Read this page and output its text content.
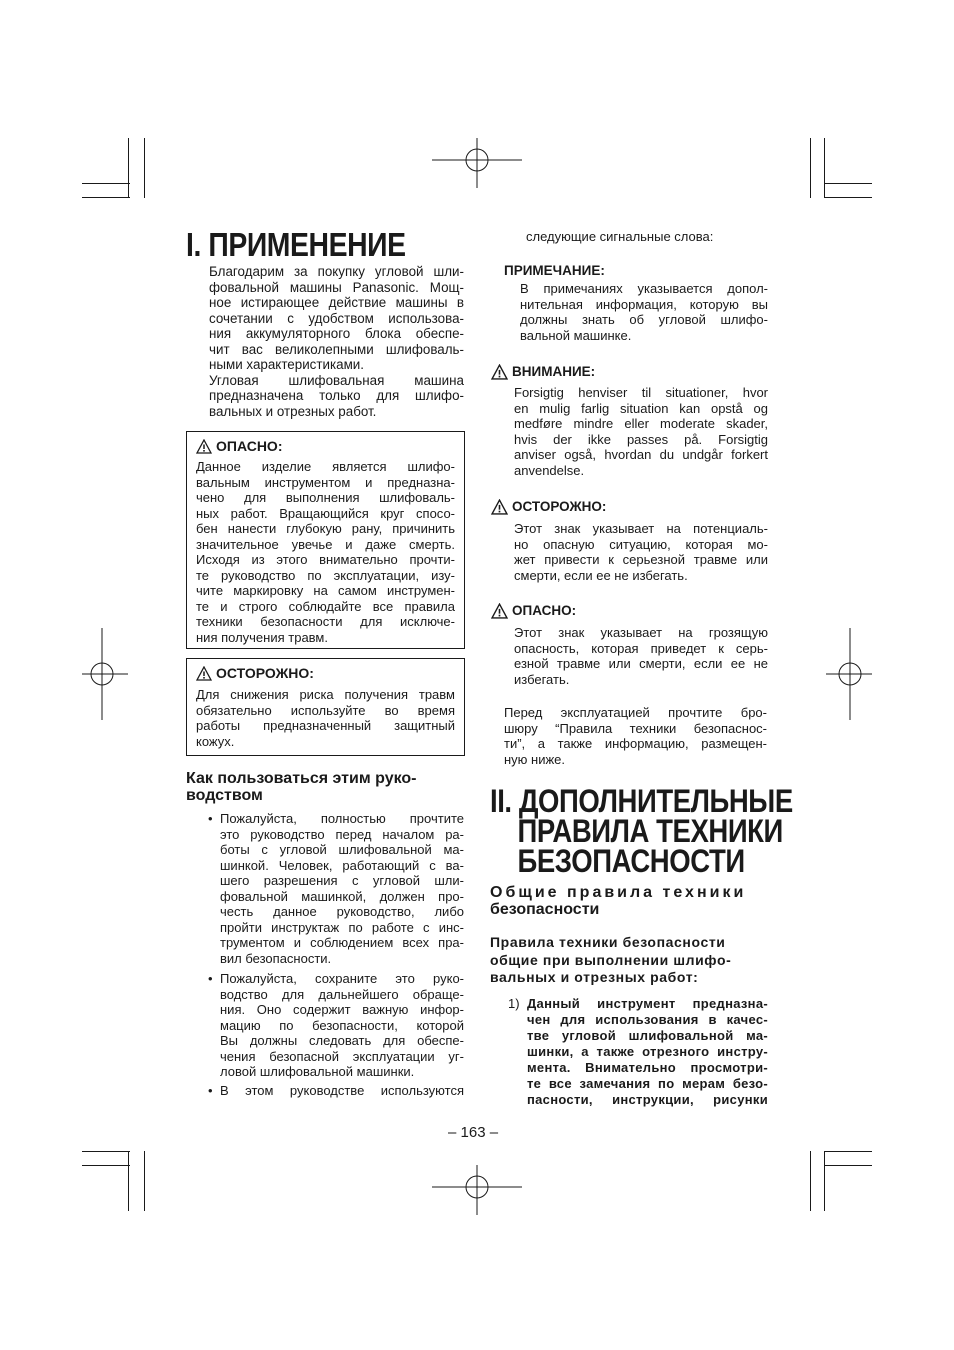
I. ПРИМЕНЕНИЕ
Благодарим за покупку угловой шли-
фовальной машины Panasonic. Мощ-
ное истирающее действие машины в
сочетании с удобством использова-
ния аккумуляторного блока обеспе-
чит вас великолепными шлифоваль-
ными характеристиками.
Угловая шлифовальная машина
предназначена только для шлифо-
вальных и отрезных работ.
ОПАСНО:
Данное изделие является шлифо-
вальным инструментом и предназна-
чено для выполнения шлифоваль-
ных работ. Вращающийся круг спосо-
бен нанести глубокую рану, причинить
значительное увечье и даже смерть.
Исходя из этого внимательно прочти-
те руководство по эксплуатации, изу-
чите маркировку на самом инструмен-
те и строго соблюдайте все правила
техники безопасности для исключе-
ния получения травм.
ОСТОРОЖНО:
Для снижения риска получения травм
обязательно используйте во время
работы предназначенный защитный
кожух.
Как пользоваться этим руко-
водством
• Пожалуйста, полностью прочтите
это руководство перед началом ра-
боты с угловой шлифовальной ма-
шинкой. Человек, работающий с ва-
шего разрешения с угловой шли-
фовальной машинкой, должен про-
честь данное руководство, либо
пройти инструктаж по работе с инс-
трументом и соблюдением всех пра-
вил безопасности.
• Пожалуйста, сохраните это руко-
водство для дальнейшего обраще-
ния. Оно содержит важную инфор-
мацию по безопасности, которой
Вы должны следовать для обеспе-
чения безопасной эксплуатации уг-
ловой шлифовальной машинки.
• В этом руководстве используются
следующие сигнальные слова:
ПРИМЕЧАНИЕ:
В примечаниях указывается допол-
нительная информация, которую вы
должны знать об угловой шлифо-
вальной машинке.
ВНИМАНИЕ:
Forsigtig henviser til situationer, hvor
en mulig farlig situation kan opstå og
medføre mindre eller moderate skader,
hvis der ikke passes på. Forsigtig
anviser også, hvordan du undgår forkert
anvendelse.
ОСТОРОЖНО:
Этот знак указывает на потенциаль-
но опасную ситуацию, которая мо-
жет привести к серьезной травме или
смерти, если ее не избегать.
ОПАСНО:
Этот знак указывает на грозящую
опасность, которая приведет к серь-
езной травме или смерти, если ее не
избегать.
Перед эксплуатацией прочтите бро-
шюру “Правила техники безопаснос-
ти”, а также информацию, размещен-
ную ниже.
II. ДОПОЛНИТЕЛЬНЫЕ
ПРАВИЛА ТЕХНИКИ
БЕЗОПАСНОСТИ
Общие правила техники
безопасности
Правила техники безопасности
общие при выполнении шлифо-
вальных и отрезных работ:
1) Данный инструмент предназна-
чен для использования в качес-
тве угловой шлифовальной ма-
шинки, а также отрезного инстру-
мента. Внимательно просмотри-
те все замечания по мерам безо-
пасности, инструкции, рисунки
– 163 –
